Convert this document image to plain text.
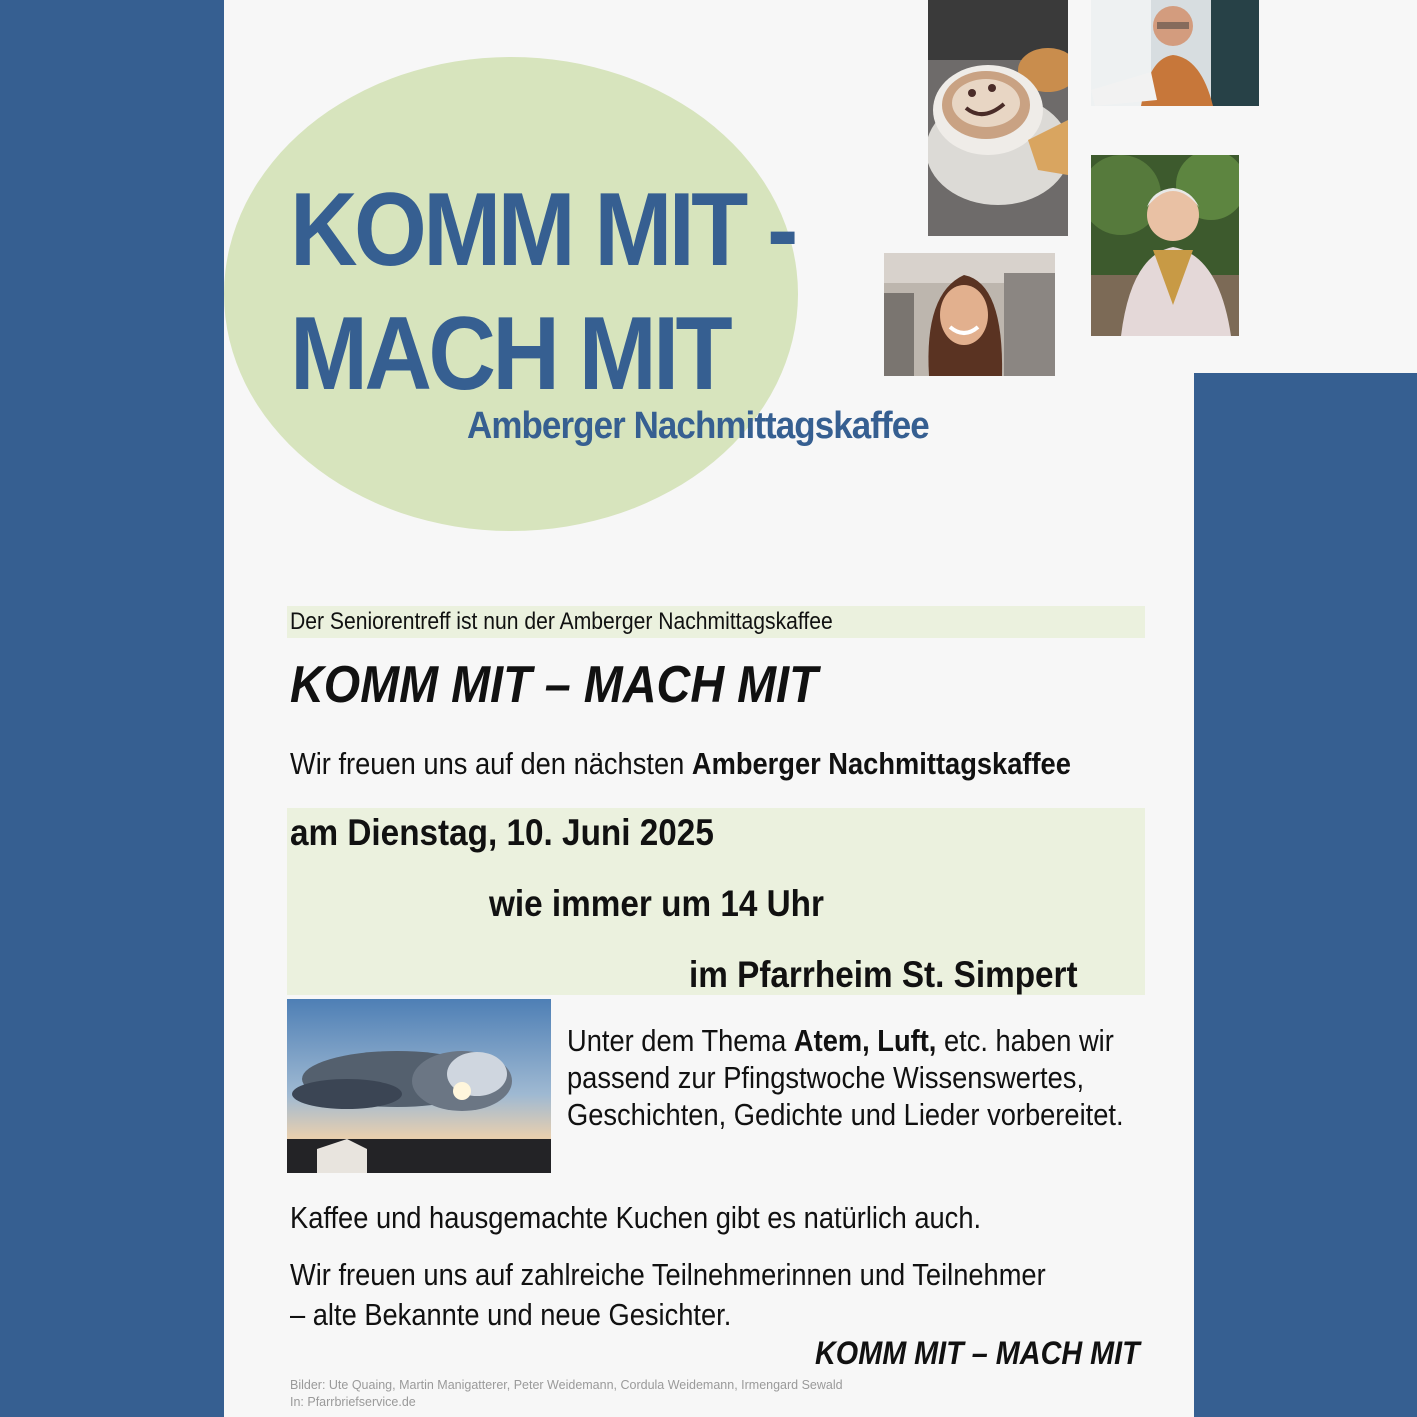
KOMM MIT -
MACH MIT
Amberger Nachmittagskaffee
Der Seniorentreff ist nun der Amberger Nachmittagskaffee
KOMM MIT – MACH MIT
Wir freuen uns auf den nächsten Amberger Nachmittagskaffee
am Dienstag, 10. Juni 2025
wie immer um 14 Uhr
im Pfarrheim St. Simpert
Unter dem Thema Atem, Luft, etc. haben wir
passend zur Pfingstwoche Wissenswertes,
Geschichten, Gedichte und Lieder vorbereitet.
Kaffee und hausgemachte Kuchen gibt es natürlich auch.
Wir freuen uns auf zahlreiche Teilnehmerinnen und Teilnehmer
– alte Bekannte und neue Gesichter.
KOMM MIT – MACH MIT
Bilder: Ute Quaing, Martin Manigatterer, Peter Weidemann, Cordula Weidemann, Irmengard Sewald
In: Pfarrbriefservice.de
